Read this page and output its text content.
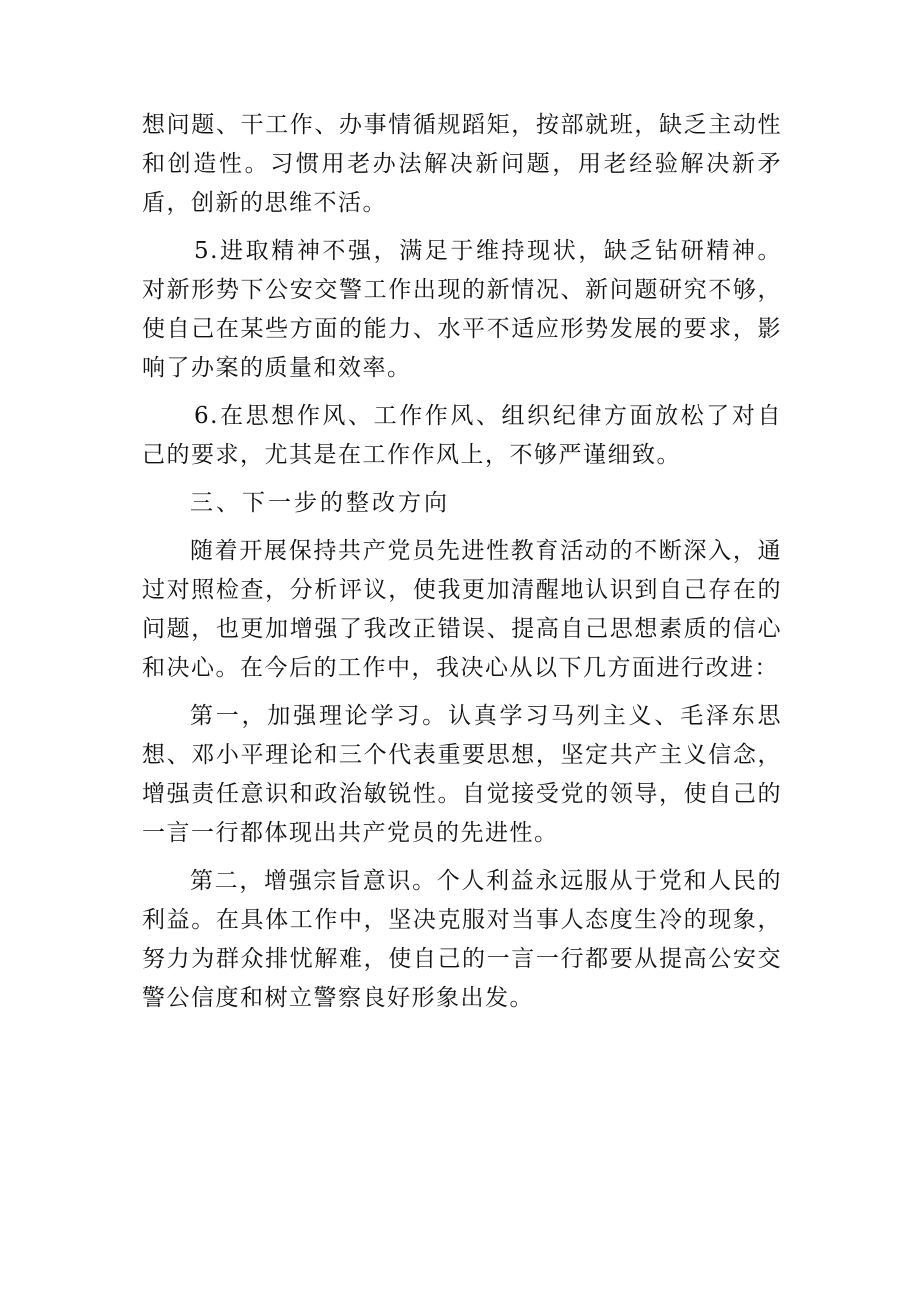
想问题、干工作、办事情循规蹈矩，按部就班，缺乏主动性和创造性。习惯用老办法解决新问题，用老经验解决新矛盾，创新的思维不活。

5.进取精神不强，满足于维持现状，缺乏钻研精神。对新形势下公安交警工作出现的新情况、新问题研究不够，使自己在某些方面的能力、水平不适应形势发展的要求，影响了办案的质量和效率。

6.在思想作风、工作作风、组织纪律方面放松了对自己的要求，尤其是在工作作风上，不够严谨细致。

三、下一步的整改方向

随着开展保持共产党员先进性教育活动的不断深入，通过对照检查，分析评议，使我更加清醒地认识到自己存在的问题，也更加增强了我改正错误、提高自己思想素质的信心和决心。在今后的工作中，我决心从以下几方面进行改进：

第一，加强理论学习。认真学习马列主义、毛泽东思想、邓小平理论和三个代表重要思想，坚定共产主义信念，增强责任意识和政治敏锐性。自觉接受党的领导，使自己的一言一行都体现出共产党员的先进性。

第二，增强宗旨意识。个人利益永远服从于党和人民的利益。在具体工作中，坚决克服对当事人态度生冷的现象，努力为群众排忧解难，使自己的一言一行都要从提高公安交警公信度和树立警察良好形象出发。
